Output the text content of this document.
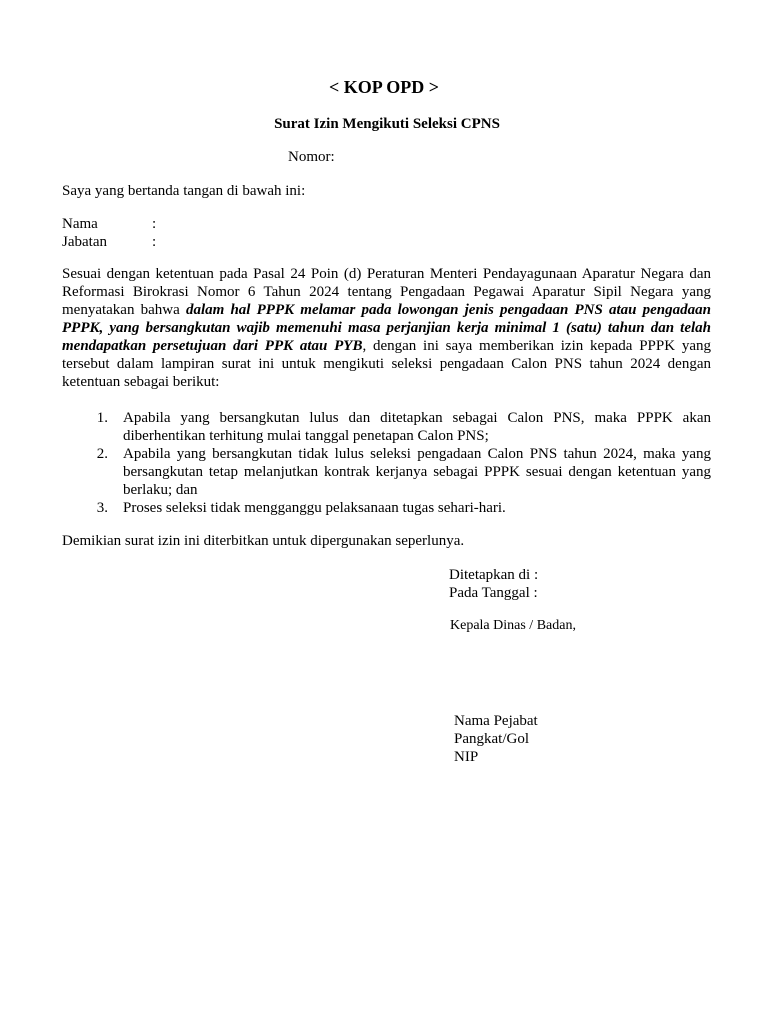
< KOP OPD >
Surat Izin Mengikuti Seleksi CPNS
Nomor:
Saya yang bertanda tangan di bawah ini:
Nama	:
Jabatan	:
Sesuai dengan ketentuan pada Pasal 24 Poin (d) Peraturan Menteri Pendayagunaan Aparatur Negara dan Reformasi Birokrasi Nomor 6 Tahun 2024 tentang Pengadaan Pegawai Aparatur Sipil Negara yang menyatakan bahwa dalam hal PPPK melamar pada lowongan jenis pengadaan PNS atau pengadaan PPPK, yang bersangkutan wajib memenuhi masa perjanjian kerja minimal 1 (satu) tahun dan telah mendapatkan persetujuan dari PPK atau PYB, dengan ini saya memberikan izin kepada PPPK yang tersebut dalam lampiran surat ini untuk mengikuti seleksi pengadaan Calon PNS tahun 2024 dengan ketentuan sebagai berikut:
1. Apabila yang bersangkutan lulus dan ditetapkan sebagai Calon PNS, maka PPPK akan diberhentikan terhitung mulai tanggal penetapan Calon PNS;
2. Apabila yang bersangkutan tidak lulus seleksi pengadaan Calon PNS tahun 2024, maka yang bersangkutan tetap melanjutkan kontrak kerjanya sebagai PPPK sesuai dengan ketentuan yang berlaku; dan
3. Proses seleksi tidak mengganggu pelaksanaan tugas sehari-hari.
Demikian surat izin ini diterbitkan untuk dipergunakan seperlunya.
Ditetapkan di :
Pada Tanggal :
Kepala Dinas / Badan,
Nama Pejabat
Pangkat/Gol
NIP
